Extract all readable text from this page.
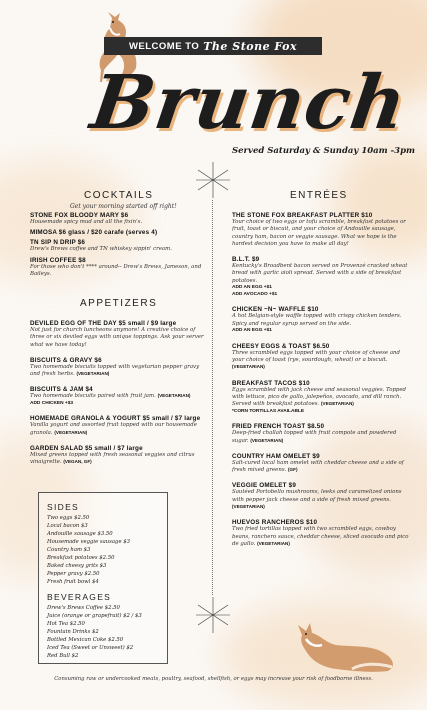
WELCOME TO The Stone Fox
Brunch
Served Saturday & Sunday 10am -3pm
COCKTAILS
Get your morning started off right!
STONE FOX BLOODY MARY $6
Housemade spicy mud and all the fixin's.
MIMOSA $6 glass / $20 carafe (serves 4)
TN SIP N DRIP $6
Drew's Brews coffee and TN whiskey sippin' cream.
IRISH COFFEE $8
For those who don't **** around-- Drew's Brews, Jameson, and Baileys.
APPETIZERS
DEVILED EGG OF THE DAY $5 small / $9 large
Not just for church luncheons anymore! A creative choice of three or six deviled eggs with unique toppings. Ask your server what we have today!
BISCUITS & GRAVY $6
Two homemade biscuits topped with vegetarian pepper gravy and fresh herbs. (VEGETARIAN)
BISCUITS & JAM $4
Two homemade biscuits paired with fruit jam. (VEGETARIAN)
ADD CHICKEN +$3
HOMEMADE GRANOLA & YOGURT $5 small / $7 large
Vanilla yogurt and assorted fruit topped with our housemade granola. (VEGETARIAN)
GARDEN SALAD $5 small / $7 large
Mixed greens topped with fresh seasonal veggies and citrus vinaigrette. (VEGAN, GF)
SIDES
Two eggs $2.50
Local bacon $3
Andouille sausage $3.50
Housemade veggie sausage $3
Country ham $3
Breakfast potatoes $2.50
Baked cheesy grits $3
Pepper gravy $2.50
Fresh fruit bowl $4
BEVERAGES
Drew's Brews Coffee $2.50
Juice (orange or grapefruit) $2 / $3
Hot Tea $2.50
Fountain Drinks $2
Bottled Mexican Coke $2.50
Iced Tea (Sweet or Unsweet) $2
Red Bull $2
ENTRÉES
THE STONE FOX BREAKFAST PLATTER $10
Your choice of two eggs or tofu scramble, breakfast potatoes or fruit, toast or biscuit, and your choice of Andouille sausage, country ham, bacon or veggie sausage. What we hope is the hardest decision you have to make all day!
B.L.T. $9
Kentucky's Broadbent bacon served on Provenzé cracked wheat bread with garlic aioli spread. Served with a side of breakfast potatoes.
ADD AN EGG +$1
ADD AVOCADO +$1
CHICKEN ~N~ WAFFLE $10
A hot Belgian-style waffle topped with crispy chicken tenders. Spicy and regular syrup served on the side.
ADD AN EGG +$1
CHEESY EGGS & TOAST $6.50
Three scrambled eggs topped with your choice of cheese and your choice of toast (rye, sourdough, wheat) or a biscuit. (VEGETARIAN)
BREAKFAST TACOS $10
Eggs scrambled with jack cheese and seasonal veggies. Topped with lettuce, pico de gallo, jalepeños, avocado, and dill ranch. Served with breakfast potatoes. (VEGETARIAN)
*CORN TORTILLAS AVAILABLE
FRIED FRENCH TOAST $8.50
Deep-fried challah topped with fruit compote and powdered sugar. (VEGETARIAN)
COUNTRY HAM OMELET $9
Salt-cured local ham omelet with cheddar cheese and a side of fresh mixed greens. (GF)
VEGGIE OMELET $9
Sautéed Portobello mushrooms, leeks and caramelized onions with pepper jack cheese and a side of fresh mixed greens. (VEGETARIAN)
HUEVOS RANCHEROS $10
Two fried tortillas topped with two scrambled eggs, cowboy beans, ranchero sauce, cheddar cheese, sliced avocado and pico de gallo. (VEGETARIAN)
Consuming raw or undercooked meats, poultry, seafood, shellfish, or eggs may increase your risk of foodborne illness.
